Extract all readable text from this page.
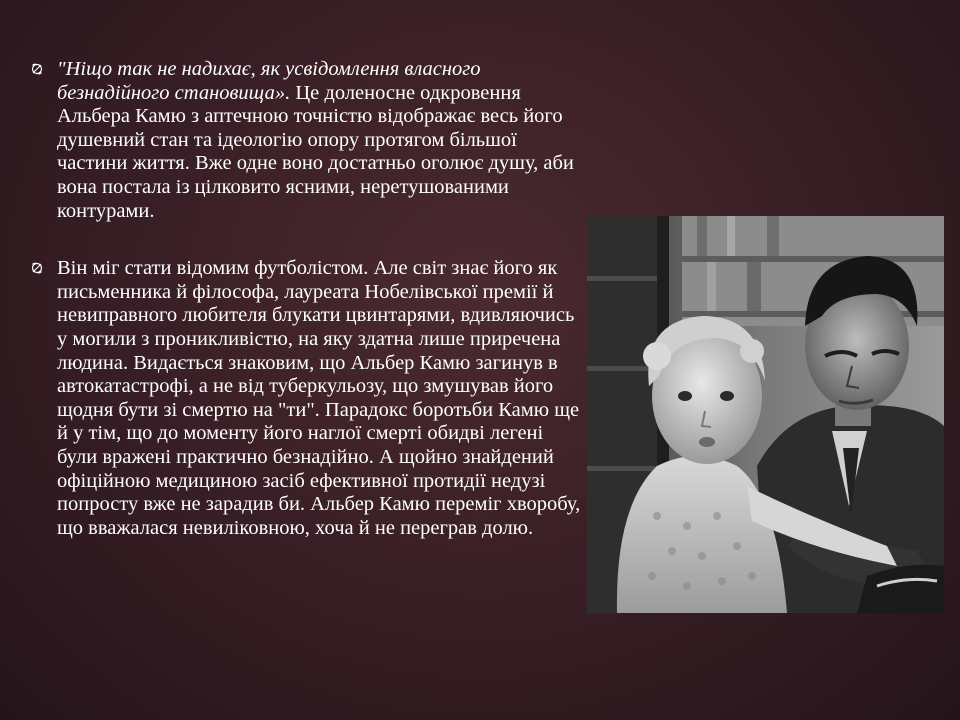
"Ніщо так не надихає, як усвідомлення власного безнадійного становища». Це доленосне одкровення Альбера Камю з аптечною точністю відображає весь його душевний стан та ідеологію опору протягом більшої частини життя. Вже одне воно достатньо оголює душу, аби вона постала із цілковито ясними, неретушованими контурами.
Він міг стати відомим футболістом. Але світ знає його як письменника й філософа, лауреата Нобелівської премії й невиправного любителя блукати цвинтарями, вдивляючись у могили з проникливістю, на яку здатна лише приречена людина. Видається знаковим, що Альбер Камю загинув в автокатастрофі, а не від туберкульозу, що змушував його щодня бути зі смертю на "ти". Парадокс боротьби Камю ще й у тім, що до моменту його наглої смерті обидві легені були вражені практично безнадійно. А щойно знайдений офіційною медициною засіб ефективної протидії недузі попросту вже не зарадив би. Альбер Камю переміг хворобу, що вважалася невиліковною, хоча й не переграв долю.
